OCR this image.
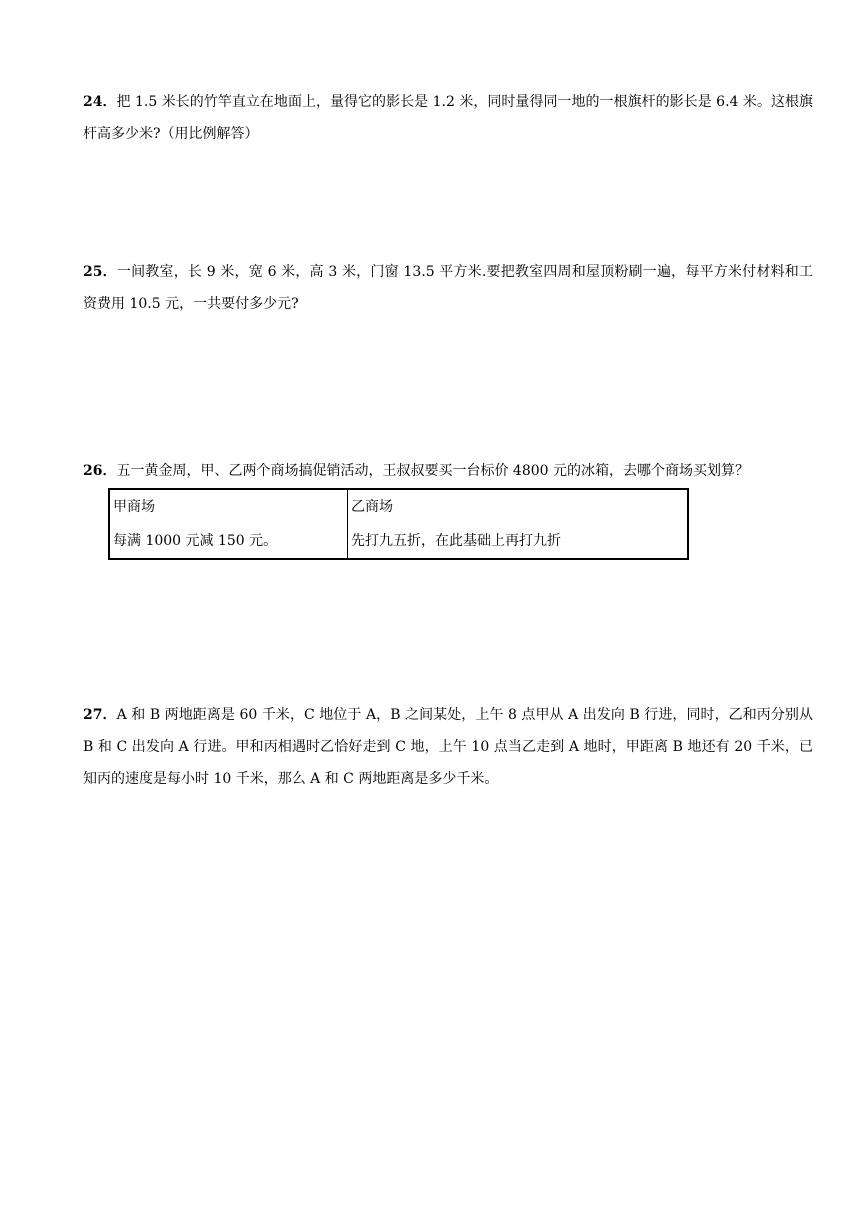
24．把 1.5 米长的竹竿直立在地面上，量得它的影长是 1.2 米，同时量得同一地的一根旗杆的影长是 6.4 米。这根旗杆高多少米?（用比例解答）

25．一间教室，长 9 米，宽 6 米，高 3 米，门窗 13.5 平方米.要把教室四周和屋顶粉刷一遍，每平方米付材料和工资费用 10.5 元，一共要付多少元?

26．五一黄金周，甲、乙两个商场搞促销活动，王叔叔要买一台标价 4800 元的冰箱，去哪个商场买划算？

甲商场	乙商场
每满 1000 元减 150 元。	先打九五折，在此基础上再打九折

27．A 和 B 两地距离是 60 千米，C 地位于 A，B 之间某处，上午 8 点甲从 A 出发向 B 行进，同时，乙和丙分别从 B 和 C 出发向 A 行进。甲和丙相遇时乙恰好走到 C 地，上午 10 点当乙走到 A 地时，甲距离 B 地还有 20 千米，已知丙的速度是每小时 10 千米，那么 A 和 C 两地距离是多少千米。
